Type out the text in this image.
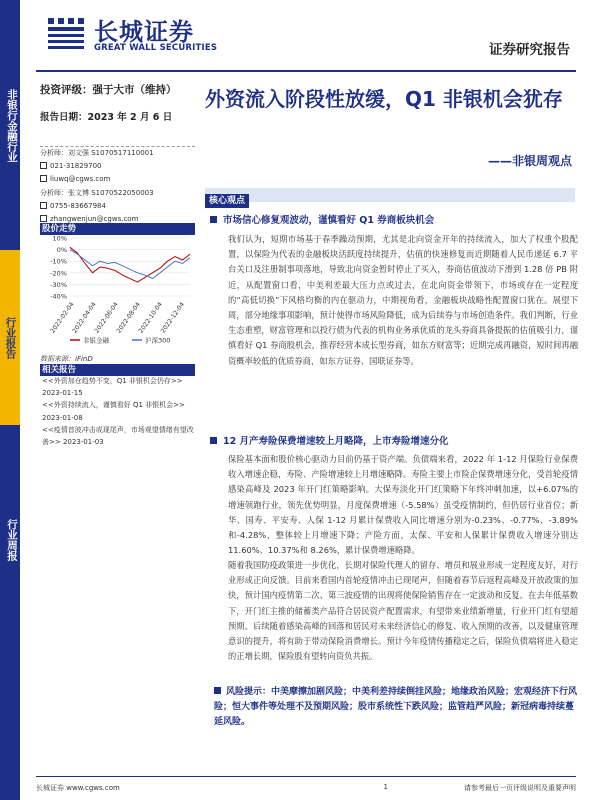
非银行金融行业
行业报告
行业周报
长城证券
GREAT WALL SECURITIES	证券研究报告
投资评级：强于大市（维持）
报告日期：2023 年 2 月 6 日
分析师：刘文强 S1070517110001
021-31829700
liuwq@cgws.com
分析师：张文博 S1070522050003
0755-83667984
zhangwenjun@cgws.com
股价走势
10%
0%
-10%
-20%
-30%
-40%
2022-02-04
2022-04-04
2022-06-04
2022-08-04
2022-10-04
2022-12-04
非银金融	沪深300
数据来源：iFinD
相关报告
<<外资加仓趋势不变，Q1 非银机会仍存>> 2023-01-15
<<外资持续流入，谨慎看好 Q1 非银机会>> 2023-01-08
<<疫情首波冲击或现尾声，市场观望情绪有望改善>> 2023-01-03
外资流入阶段性放缓，Q1 非银机会犹存
——非银周观点
核心观点
市场信心修复观波动，谨慎看好 Q1 券商板块机会
我们认为，短期市场基于春季躁动预期，尤其是北向资金开年的持续流入，加大了权重个股配置，以保险为代表的金融板块活跃度持续提升，估值的快速修复而近期随着人民币递延 6.7 平台关口及注册制事项落地，导致北向资金暂时停止了买入，券商估值波动下滑到 1.28 倍 PB 附近，从配置窗口看，中美利差最大压力点或过去，在北向资金带领下，市场或存在一定程度的“高低切换”下风格均衡的内在驱动力，中期视角看，金融板块战略性配置窗口犹在。展望下周，部分地缘事项影响，预计使得市场风险降低，成为后续券与市场创造条件。我们判断，行业生态重塑，财富管理和以投行债为代表的机构业务承优质的龙头券商具备提振的估值吸引力，谨慎看好 Q1 券商股机会，推荐经营本成长型券商，如东方财富等；近期完成再融资，短时间再融资概率较低的优质券商，如东方证券、国联证券等。
12 月产寿险保费增速较上月略降，上市寿险增速分化
保险基本面和股价核心驱动力目前仍基于资产端。负债端来看，2022 年 1-12 月保险行业保费收入增速企稳，寿险、产险增速较上月增速略降。寿险主要上市险企保费增速分化，受首轮疫情感染高峰及 2023 年开门红策略影响。大保寿淡化开门红策略下年终冲刺加速，以+6.07%的增速领跑行业，领先优势明显，月度保费增速（-5.58%）虽受疫情制约，但仍居行业首位；新华、国寿、平安寿、人保 1-12 月累计保费收入同比增速分别为-0.23%、-0.77%、-3.89%和-4.28%，整体较上月增速下降；产险方面，太保、平安和人保累计保费收入增速分别达 11.60%、10.37%和 8.26%，累计保费增速略降。
随着我国防疫政策进一步优化，长期对保险代理人的留存、增员和展业形成一定程度友好，对行业形成正向反馈。目前来看国内首轮疫情冲击已现尾声，但随着春节后返程高峰及开放政策的加快，预计国内疫情第二次、第三波疫情的出现将使保险销售存在一定波动和反复。在去年低基数下，开门红主推的储蓄类产品符合居民资产配置需求，有望带来业绩新增量，行业开门红有望超预期。后续随着感染高峰的回落和居民对未来经济信心的修复、收入预期的改善，以及健康管理意识的提升，将有助于带动保险消费增长。预计今年疫情传播稳定之后，保险负债端将进入稳定的正增长期，保险股有望转向资负共振。
风险提示：中美摩擦加剧风险；中美利差持续倒挂风险；地缘政治风险；宏观经济下行风险；恒大事件等处理不及预期风险；股市系统性下跌风险；监管趋严风险；新冠病毒持续蔓延风险。
长城证券 www.cgws.com	1	请参考最后一页评级说明及重要声明
